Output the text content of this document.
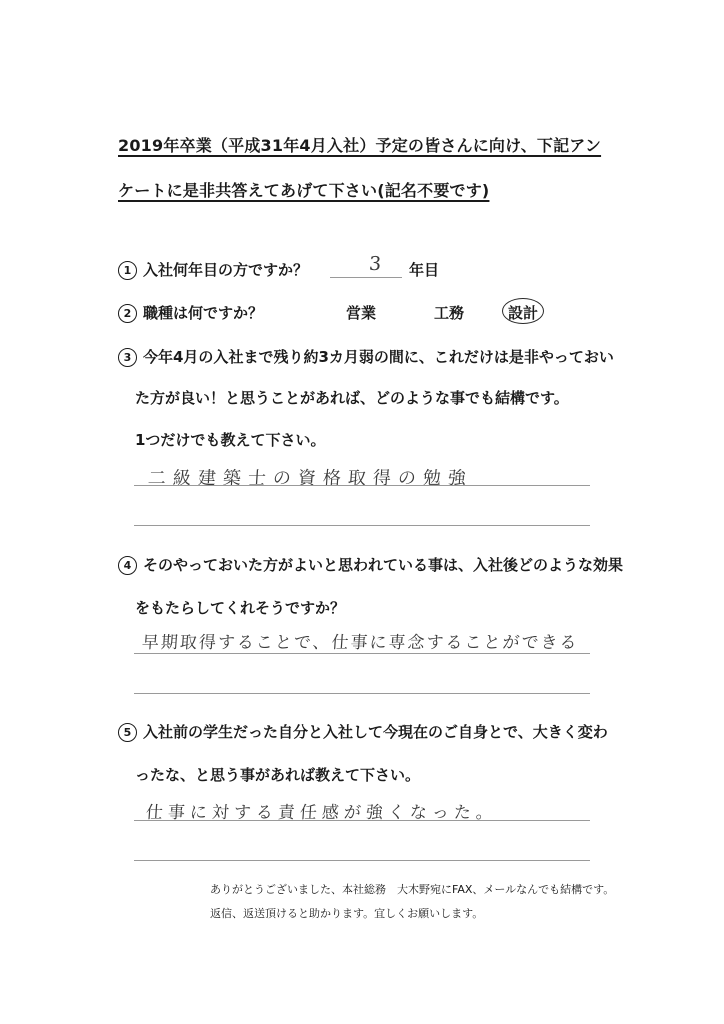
2019年卒業（平成31年4月入社）予定の皆さんに向け、下記アン
ケートに是非共答えてあげて下さい(記名不要です)
1 入社何年目の方ですか？	3 年目
2 職種は何ですか？	営業	工務	設計
3 今年4月の入社まで残り約3カ月弱の間に、これだけは是非やっておい
た方が良い！と思うことがあれば、どのような事でも結構です。
1つだけでも教えて下さい。
二級建築士の資格取得の勉強
4 そのやっておいた方がよいと思われている事は、入社後どのような効果
をもたらしてくれそうですか？
早期取得することで、仕事に専念することができる
5 入社前の学生だった自分と入社して今現在のご自身とで、大きく変わ
ったな、と思う事があれば教えて下さい。
仕事に対する責任感が強くなった。
ありがとうございました、本社総務　大木野宛にFAX、メールなんでも結構です。
返信、返送頂けると助かります。宜しくお願いします。
